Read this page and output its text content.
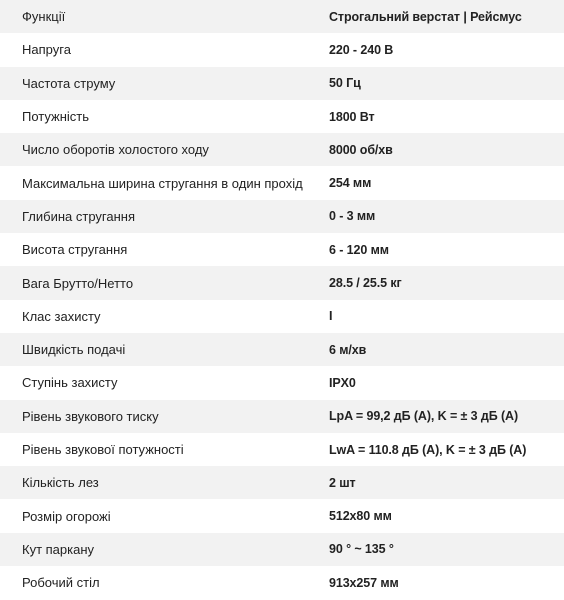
Функції	Строгальний верстат | Рейсмус
Напруга	220 - 240 В
Частота струму	50 Гц
Потужність	1800 Вт
Число оборотів холостого ходу	8000 об/хв
Максимальна ширина стругання в один прохід	254 мм
Глибина стругання	0 - 3 мм
Висота стругання	6 - 120 мм
Вага Брутто/Нетто	28.5 / 25.5 кг
Клас захисту	I
Швидкість подачі	6 м/хв
Ступінь захисту	IPX0
Рівень звукового тиску	LpA = 99,2 дБ (A), K = ± 3 дБ (A)
Рівень звукової потужності	LwA = 110.8 дБ (A), K = ± 3 дБ (A)
Кількість лез	2 шт
Розмір огорожі	512x80 мм
Кут паркану	90 ° ~ 135 °
Робочий стіл	913x257 мм
